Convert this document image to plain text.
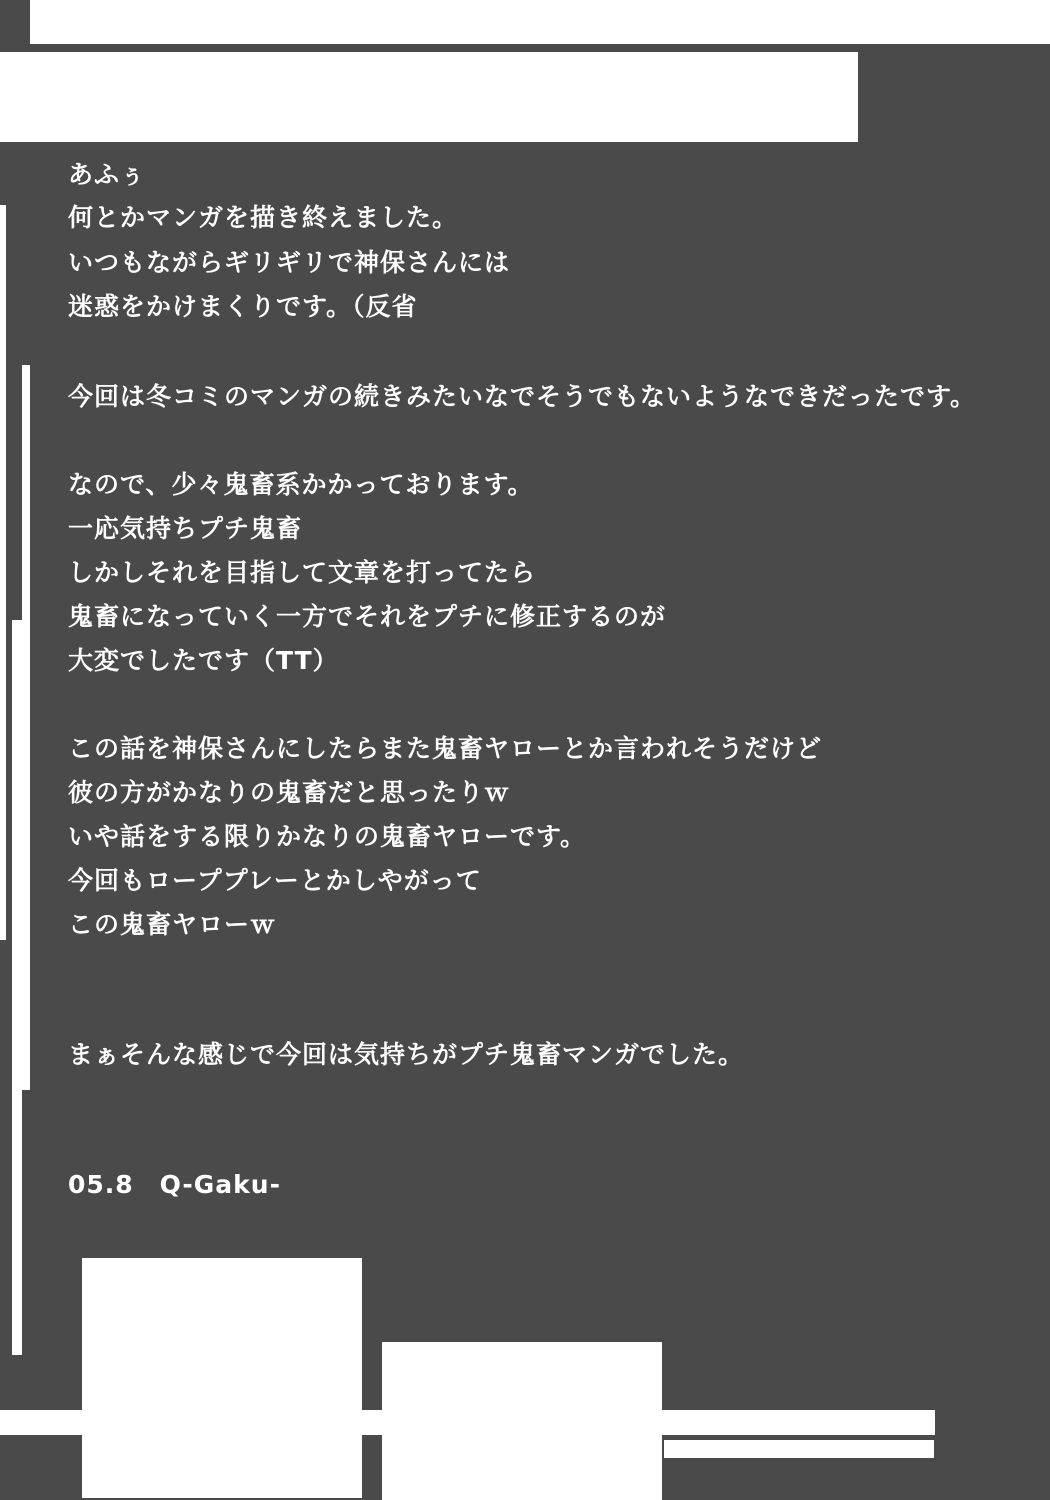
あふぅ
何とかマンガを描き終えました。
いつもながらギリギリで神保さんには
迷惑をかけまくりです。（反省
今回は冬コミのマンガの続きみたいなでそうでもないようなできだったです。
なので、少々鬼畜系かかっております。
一応気持ちプチ鬼畜
しかしそれを目指して文章を打ってたら
鬼畜になっていく一方でそれをプチに修正するのが
大変でしたです（TT）
この話を神保さんにしたらまた鬼畜ヤローとか言われそうだけど
彼の方がかなりの鬼畜だと思ったりｗ
いや話をする限りかなりの鬼畜ヤローです。
今回もローププレーとかしやがって
この鬼畜ヤローｗ
まぁそんな感じで今回は気持ちがプチ鬼畜マンガでした。
05.8　Q-Gaku-
